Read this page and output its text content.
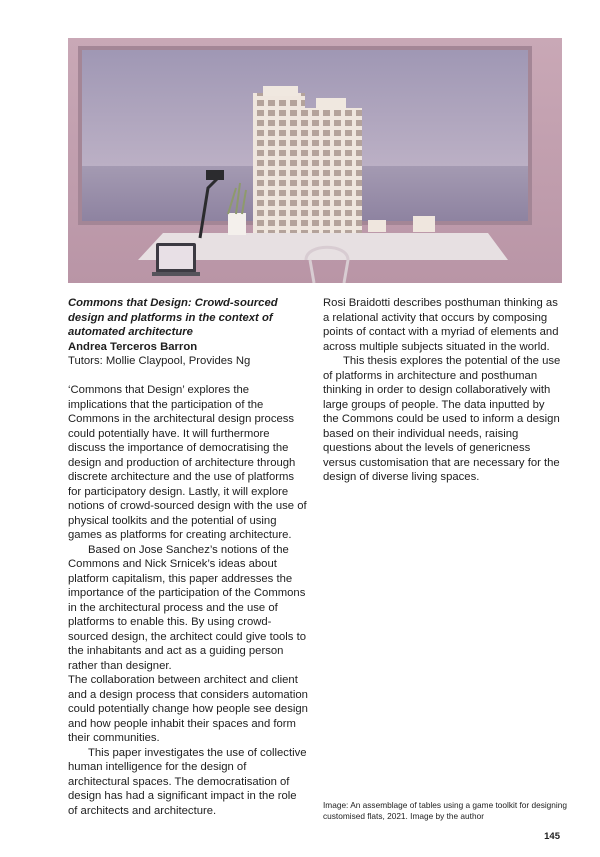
Commons that Design: Crowd-sourced design and platforms in the context of automated architecture

Andrea Terceros Barron

Tutors: Mollie Claypool, Provides Ng

‘Commons that Design’ explores the implications that the participation of the Commons in the architectural design process could potentially have. It will furthermore discuss the importance of democratising the design and production of architecture through discrete architecture and the use of platforms for participatory design. Lastly, it will explore notions of crowd-sourced design with the use of physical toolkits and the potential of using games as platforms for creating architecture.

Based on Jose Sanchez’s notions of the Commons and Nick Srnicek’s ideas about platform capitalism, this paper addresses the importance of the participation of the Commons in the architectural process and the use of platforms to enable this. By using crowd-sourced design, the architect could give tools to the inhabitants and act as a guiding person rather than designer.

The collaboration between architect and client and a design process that considers automation could potentially change how people see design and how people inhabit their spaces and form their communities.

This paper investigates the use of collective human intelligence for the design of architectural spaces. The democratisation of design has had a significant impact in the role of architects and architecture.

Rosi Braidotti describes posthuman thinking as a relational activity that occurs by composing points of contact with a myriad of elements and across multiple subjects situated in the world.

This thesis explores the potential of the use of platforms in architecture and posthuman thinking in order to design collaboratively with large groups of people. The data inputted by the Commons could be used to inform a design based on their individual needs, raising questions about the levels of genericness versus customisation that are necessary for the design of diverse living spaces.

Image: An assemblage of tables using a game toolkit for designing customised flats, 2021. Image by the author

145
